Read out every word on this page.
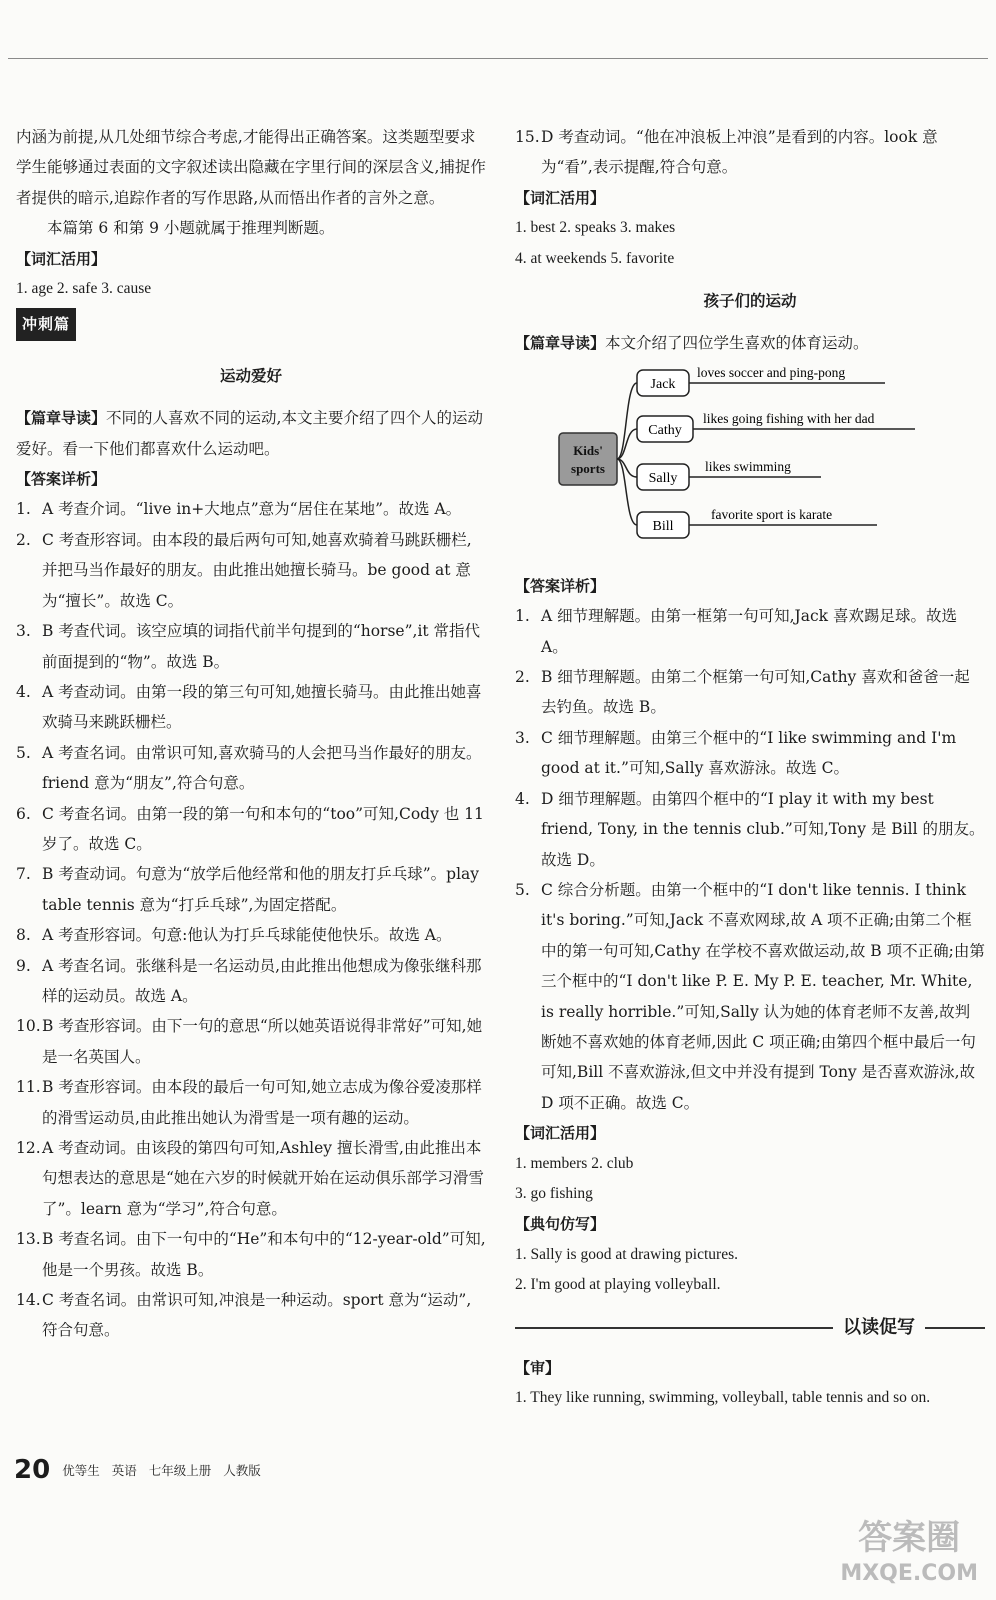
内涵为前提,从几处细节综合考虑,才能得出正确答案。这类题型要求学生能够通过表面的文字叙述读出隐藏在字里行间的深层含义,捕捉作者提供的暗示,追踪作者的写作思路,从而悟出作者的言外之意。

本篇第 6 和第 9 小题就属于推理判断题。

【词汇活用】

1. age 2. safe 3. cause

冲刺篇

运动爱好

【篇章导读】不同的人喜欢不同的运动,本文主要介绍了四个人的运动爱好。看一下他们都喜欢什么运动吧。

【答案详析】

1. A 考查介词。“live in+大地点”意为“居住在某地”。故选 A。
2. C 考查形容词。由本段的最后两句可知,她喜欢骑着马跳跃栅栏,并把马当作最好的朋友。由此推出她擅长骑马。be good at 意为“擅长”。故选 C。
3. B 考查代词。该空应填的词指代前半句提到的“horse”,it 常指代前面提到的“物”。故选 B。
4. A 考查动词。由第一段的第三句可知,她擅长骑马。由此推出她喜欢骑马来跳跃栅栏。
5. A 考查名词。由常识可知,喜欢骑马的人会把马当作最好的朋友。friend 意为“朋友”,符合句意。
6. C 考查名词。由第一段的第一句和本句的“too”可知,Cody 也 11 岁了。故选 C。
7. B 考查动词。句意为“放学后他经常和他的朋友打乒乓球”。play table tennis 意为“打乒乓球”,为固定搭配。
8. A 考查形容词。句意:他认为打乒乓球能使他快乐。故选 A。
9. A 考查名词。张继科是一名运动员,由此推出他想成为像张继科那样的运动员。故选 A。
10. B 考查形容词。由下一句的意思“所以她英语说得非常好”可知,她是一名英国人。
11. B 考查形容词。由本段的最后一句可知,她立志成为像谷爱凌那样的滑雪运动员,由此推出她认为滑雪是一项有趣的运动。
12. A 考查动词。由该段的第四句可知,Ashley 擅长滑雪,由此推出本句想表达的意思是“她在六岁的时候就开始在运动俱乐部学习滑雪了”。learn 意为“学习”,符合句意。
13. B 考查名词。由下一句中的“He”和本句中的“12-year-old”可知,他是一个男孩。故选 B。
14. C 考查名词。由常识可知,冲浪是一种运动。sport 意为“运动”,符合句意。
15. D 考查动词。“他在冲浪板上冲浪”是看到的内容。look 意为“看”,表示提醒,符合句意。

【词汇活用】

1. best 2. speaks 3. makes

4. at weekends 5. favorite

孩子们的运动

【篇章导读】本文介绍了四位学生喜欢的体育运动。

Kids'
sports
Jack
loves soccer and ping-pong
Cathy
likes going fishing with her dad
Sally
likes swimming
Bill
favorite sport is karate

【答案详析】

1. A 细节理解题。由第一框第一句可知,Jack 喜欢踢足球。故选 A。
2. B 细节理解题。由第二个框第一句可知,Cathy 喜欢和爸爸一起去钓鱼。故选 B。
3. C 细节理解题。由第三个框中的“I like swimming and I'm good at it.”可知,Sally 喜欢游泳。故选 C。
4. D 细节理解题。由第四个框中的“I play it with my best friend, Tony, in the tennis club.”可知,Tony 是 Bill 的朋友。故选 D。
5. C 综合分析题。由第一个框中的“I don't like tennis. I think it's boring.”可知,Jack 不喜欢网球,故 A 项不正确;由第二个框中的第一句可知,Cathy 在学校不喜欢做运动,故 B 项不正确;由第三个框中的“I don't like P. E. My P. E. teacher, Mr. White, is really horrible.”可知,Sally 认为她的体育老师不友善,故判断她不喜欢她的体育老师,因此 C 项正确;由第四个框中最后一句可知,Bill 不喜欢游泳,但文中并没有提到 Tony 是否喜欢游泳,故 D 项不正确。故选 C。

【词汇活用】

1. members 2. club

3. go fishing

【典句仿写】

1. Sally is good at drawing pictures.

2. I'm good at playing volleyball.

以读促写

【审】

1. They like running, swimming, volleyball, table tennis and so on.

20 优等生 英语 七年级上册 人教版
答案圈
MXQE.COM
